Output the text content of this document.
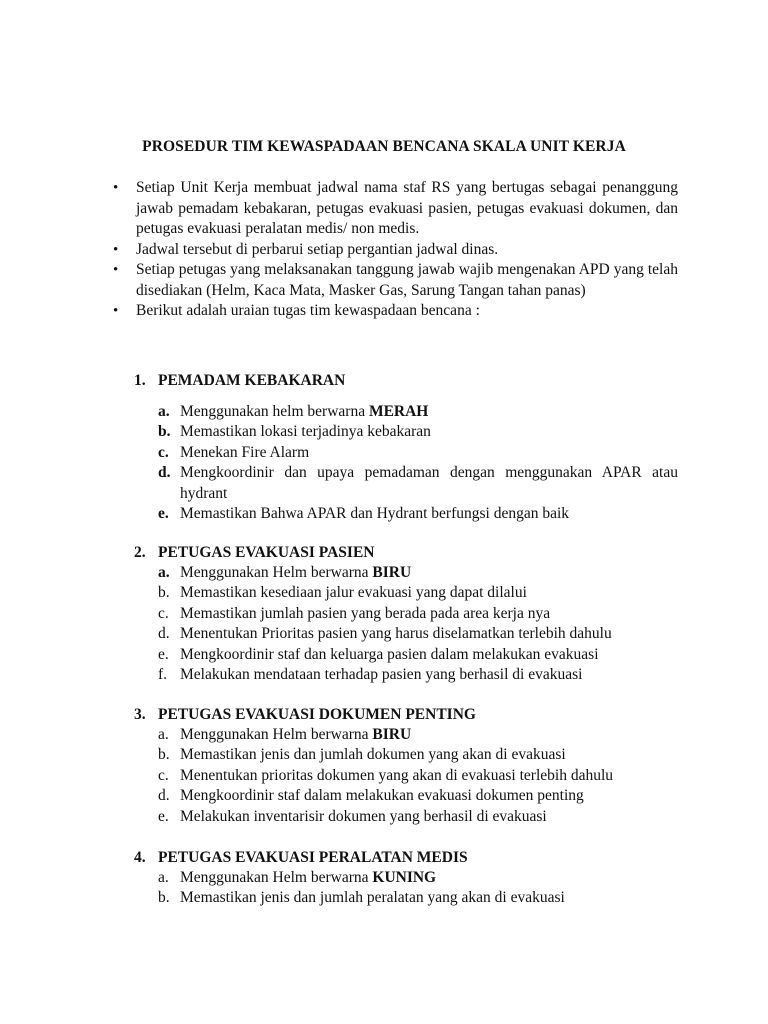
PROSEDUR TIM KEWASPADAAN BENCANA SKALA UNIT KERJA
• Setiap Unit Kerja membuat jadwal nama staf RS yang bertugas sebagai penanggung jawab pemadam kebakaran, petugas evakuasi pasien, petugas evakuasi dokumen, dan petugas evakuasi peralatan medis/ non medis.
• Jadwal tersebut di perbarui setiap pergantian jadwal dinas.
• Setiap petugas yang melaksanakan tanggung jawab wajib mengenakan APD yang telah disediakan (Helm, Kaca Mata, Masker Gas, Sarung Tangan tahan panas)
• Berikut adalah uraian tugas tim kewaspadaan bencana :
1. PEMADAM KEBAKARAN
a. Menggunakan helm berwarna MERAH
b. Memastikan lokasi terjadinya kebakaran
c. Menekan Fire Alarm
d. Mengkoordinir dan upaya pemadaman dengan menggunakan APAR atau hydrant
e. Memastikan Bahwa APAR dan Hydrant berfungsi dengan baik
2. PETUGAS EVAKUASI PASIEN
a. Menggunakan Helm berwarna BIRU
b. Memastikan kesediaan jalur evakuasi yang dapat dilalui
c. Memastikan jumlah pasien yang berada pada area kerja nya
d. Menentukan Prioritas pasien yang harus diselamatkan terlebih dahulu
e. Mengkoordinir staf dan keluarga pasien dalam melakukan evakuasi
f. Melakukan mendataan terhadap pasien yang berhasil di evakuasi
3. PETUGAS EVAKUASI DOKUMEN PENTING
a. Menggunakan Helm berwarna BIRU
b. Memastikan jenis dan jumlah dokumen yang akan di evakuasi
c. Menentukan prioritas dokumen yang akan di evakuasi terlebih dahulu
d. Mengkoordinir staf dalam melakukan evakuasi dokumen penting
e. Melakukan inventarisir dokumen yang berhasil di evakuasi
4. PETUGAS EVAKUASI PERALATAN MEDIS
a. Menggunakan Helm berwarna KUNING
b. Memastikan jenis dan jumlah peralatan yang akan di evakuasi
